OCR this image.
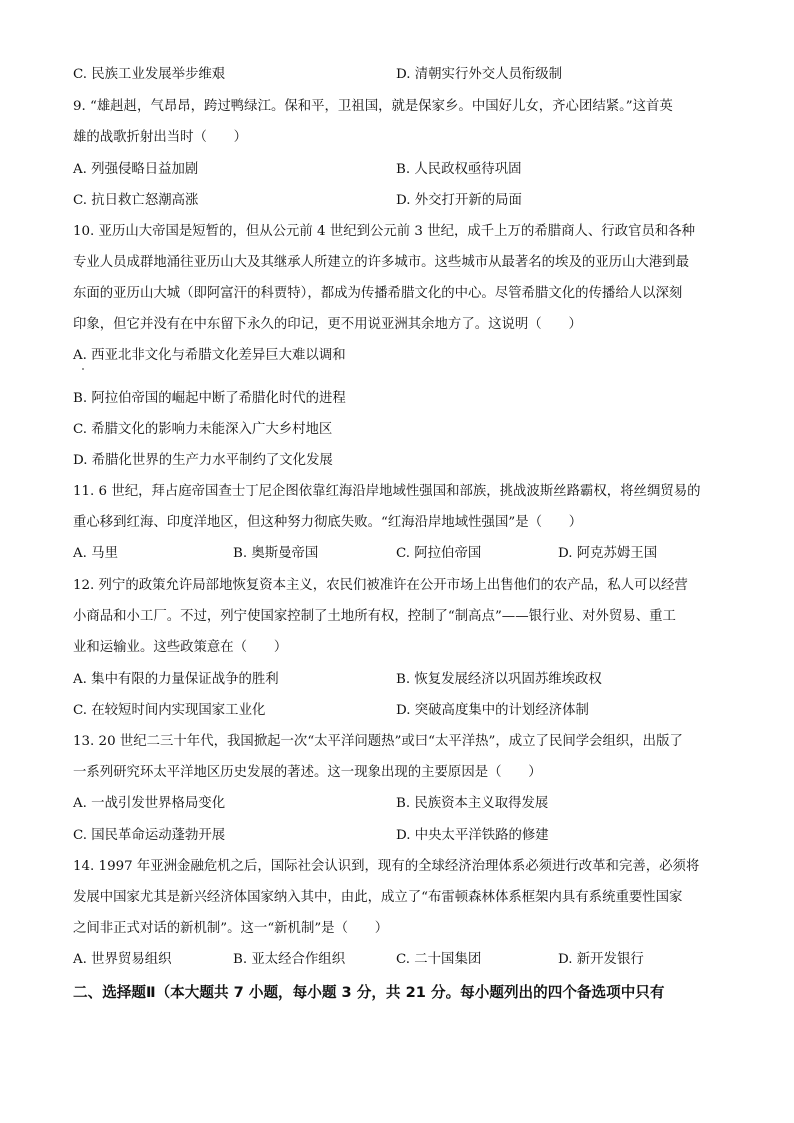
C. 民族工业发展举步维艰	D. 清朝实行外交人员衔级制
9. “雄赳赳，气昂昂，跨过鸭绿江。保和平，卫祖国，就是保家乡。中国好儿女，齐心团结紧。”这首英
雄的战歌折射出当时（　　）
A. 列强侵略日益加剧	B. 人民政权亟待巩固
C. 抗日救亡怒潮高涨	D. 外交打开新的局面
10. 亚历山大帝国是短暂的，但从公元前 4 世纪到公元前 3 世纪，成千上万的希腊商人、行政官员和各种
专业人员成群地涌往亚历山大及其继承人所建立的许多城市。这些城市从最著名的埃及的亚历山大港到最
东面的亚历山大城（即阿富汗的科贾特），都成为传播希腊文化的中心。尽管希腊文化的传播给人以深刻
印象，但它并没有在中东留下永久的印记，更不用说亚洲其余地方了。这说明（　　）
A. 西亚北非文化与希腊文化差异巨大难以调和
B. 阿拉伯帝国的崛起中断了希腊化时代的进程
C. 希腊文化的影响力未能深入广大乡村地区
D. 希腊化世界的生产力水平制约了文化发展
11. 6 世纪，拜占庭帝国查士丁尼企图依靠红海沿岸地域性强国和部族，挑战波斯丝路霸权，将丝绸贸易的
重心移到红海、印度洋地区，但这种努力彻底失败。“红海沿岸地域性强国”是（　　）
A. 马里	B. 奥斯曼帝国	C. 阿拉伯帝国	D. 阿克苏姆王国
12. 列宁的政策允许局部地恢复资本主义，农民们被准许在公开市场上出售他们的农产品，私人可以经营
小商品和小工厂。不过，列宁使国家控制了土地所有权，控制了“制高点”——银行业、对外贸易、重工
业和运输业。这些政策意在（　　）
A. 集中有限的力量保证战争的胜利	B. 恢复发展经济以巩固苏维埃政权
C. 在较短时间内实现国家工业化	D. 突破高度集中的计划经济体制
13. 20 世纪二三十年代，我国掀起一次“太平洋问题热”或曰“太平洋热”，成立了民间学会组织，出版了
一系列研究环太平洋地区历史发展的著述。这一现象出现的主要原因是（　　）
A. 一战引发世界格局变化	B. 民族资本主义取得发展
C. 国民革命运动蓬勃开展	D. 中央太平洋铁路的修建
14. 1997 年亚洲金融危机之后，国际社会认识到，现有的全球经济治理体系必须进行改革和完善，必须将
发展中国家尤其是新兴经济体国家纳入其中，由此，成立了“布雷顿森林体系框架内具有系统重要性国家
之间非正式对话的新机制”。这一“新机制”是（　　）
A. 世界贸易组织	B. 亚太经合作组织	C. 二十国集团	D. 新开发银行
二、选择题Ⅱ（本大题共 7 小题，每小题 3 分，共 21 分。每小题列出的四个备选项中只有
